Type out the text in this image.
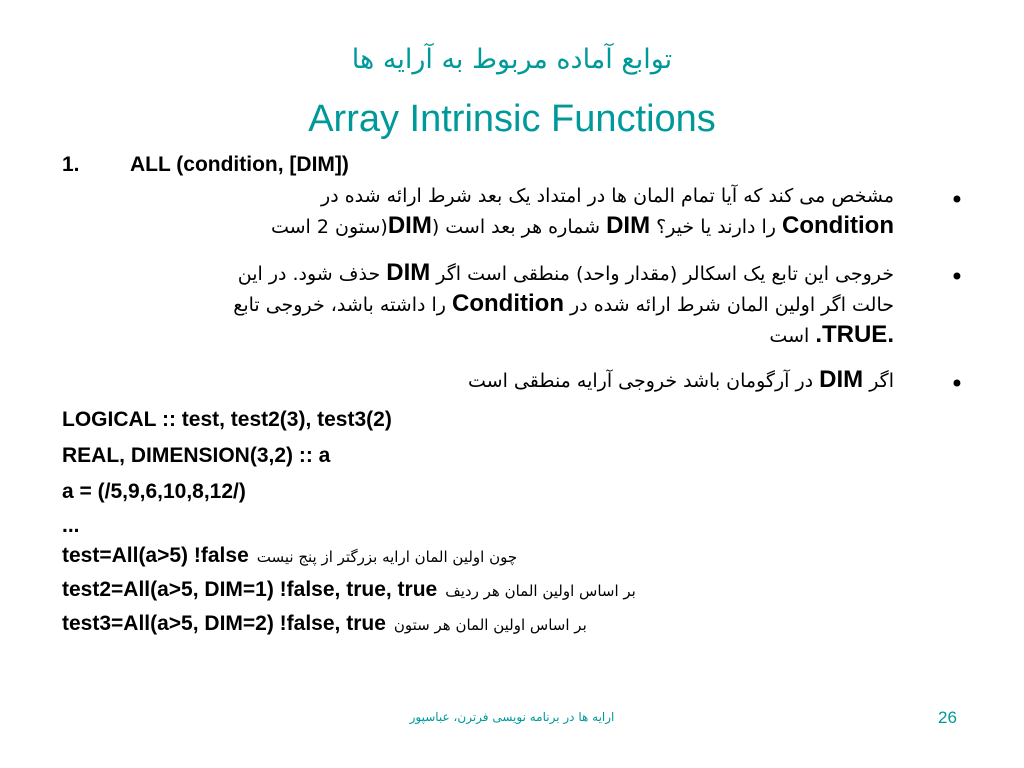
توابع آماده مربوط به آرایه ها
Array Intrinsic Functions
1. ALL (condition, [DIM])
•
مشخص می کند که آیا تمام المان ها در امتداد یک بعد شرط ارائه شده در
Condition را دارند یا خیر؟ DIM شماره هر بعد است (DIM(ستون 2 است
•
خروجی این تابع یک اسکالر (مقدار واحد) منطقی است اگر DIM حذف شود. در این
حالت اگر اولین المان شرط ارائه شده در Condition را داشته باشد، خروجی تابع
.TRUE. است
•
اگر DIM در آرگومان باشد خروجی آرایه منطقی است
LOGICAL :: test, test2(3), test3(2)
REAL, DIMENSION(3,2) :: a
a = (/5,9,6,10,8,12/)
...
test=All(a>5) !false چون اولین المان ارایه بزرگتر از پنج نیست
test2=All(a>5, DIM=1) !false, true, true بر اساس اولین المان هر ردیف
test3=All(a>5, DIM=2) !false, true بر اساس اولین المان هر ستون
ارایه ها در برنامه نویسی فرترن، عباسپور	26
